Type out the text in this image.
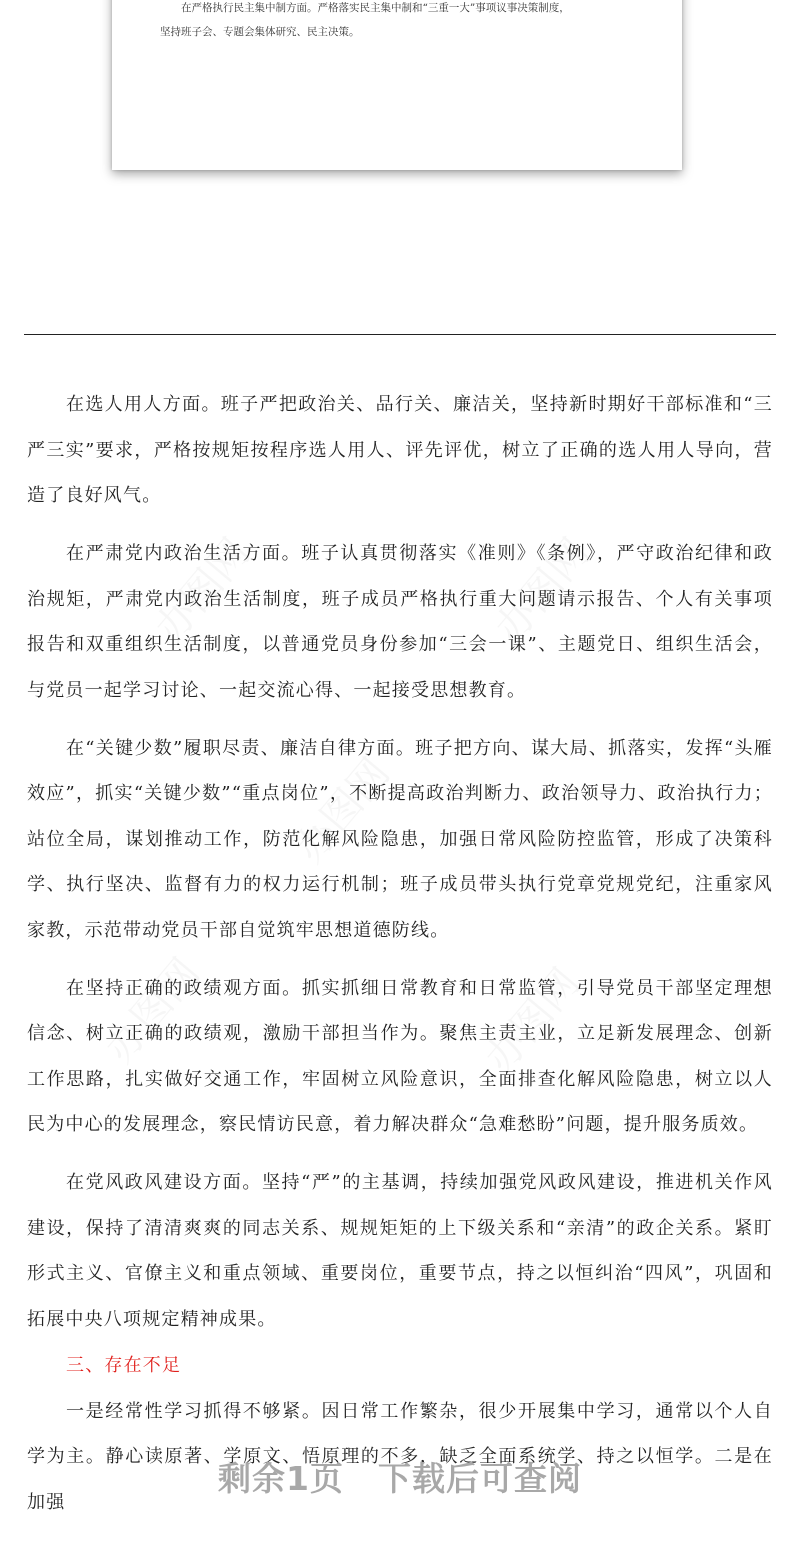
在严格执行民主集中制方面。严格落实民主集中制和“三重一大”事项议事决策制度，

坚持班子会、专题会集体研究、民主决策。

办图网	办图网
办图网
办图网	办图网

在选人用人方面。班子严把政治关、品行关、廉洁关，坚持新时期好干部标准和“三严三实”要求，严格按规矩按程序选人用人、评先评优，树立了正确的选人用人导向，营造了良好风气。

在严肃党内政治生活方面。班子认真贯彻落实《准则》《条例》，严守政治纪律和政治规矩，严肃党内政治生活制度，班子成员严格执行重大问题请示报告、个人有关事项报告和双重组织生活制度，以普通党员身份参加“三会一课”、主题党日、组织生活会，与党员一起学习讨论、一起交流心得、一起接受思想教育。

在“关键少数”履职尽责、廉洁自律方面。班子把方向、谋大局、抓落实，发挥“头雁效应”，抓实“关键少数”“重点岗位”，不断提高政治判断力、政治领导力、政治执行力；站位全局，谋划推动工作，防范化解风险隐患，加强日常风险防控监管，形成了决策科学、执行坚决、监督有力的权力运行机制；班子成员带头执行党章党规党纪，注重家风家教，示范带动党员干部自觉筑牢思想道德防线。

在坚持正确的政绩观方面。抓实抓细日常教育和日常监管，引导党员干部坚定理想信念、树立正确的政绩观，激励干部担当作为。聚焦主责主业，立足新发展理念、创新工作思路，扎实做好交通工作，牢固树立风险意识，全面排查化解风险隐患，树立以人民为中心的发展理念，察民情访民意，着力解决群众“急难愁盼”问题，提升服务质效。

在党风政风建设方面。坚持“严”的主基调，持续加强党风政风建设，推进机关作风建设，保持了清清爽爽的同志关系、规规矩矩的上下级关系和“亲清”的政企关系。紧盯形式主义、官僚主义和重点领域、重要岗位，重要节点，持之以恒纠治“四风”，巩固和拓展中央八项规定精神成果。

三、存在不足

一是经常性学习抓得不够紧。因日常工作繁杂，很少开展集中学习，通常以个人自学为主。静心读原著、学原文、悟原理的不多，缺乏全面系统学、持之以恒学。二是在加强

剩余1页 下载后可查阅
